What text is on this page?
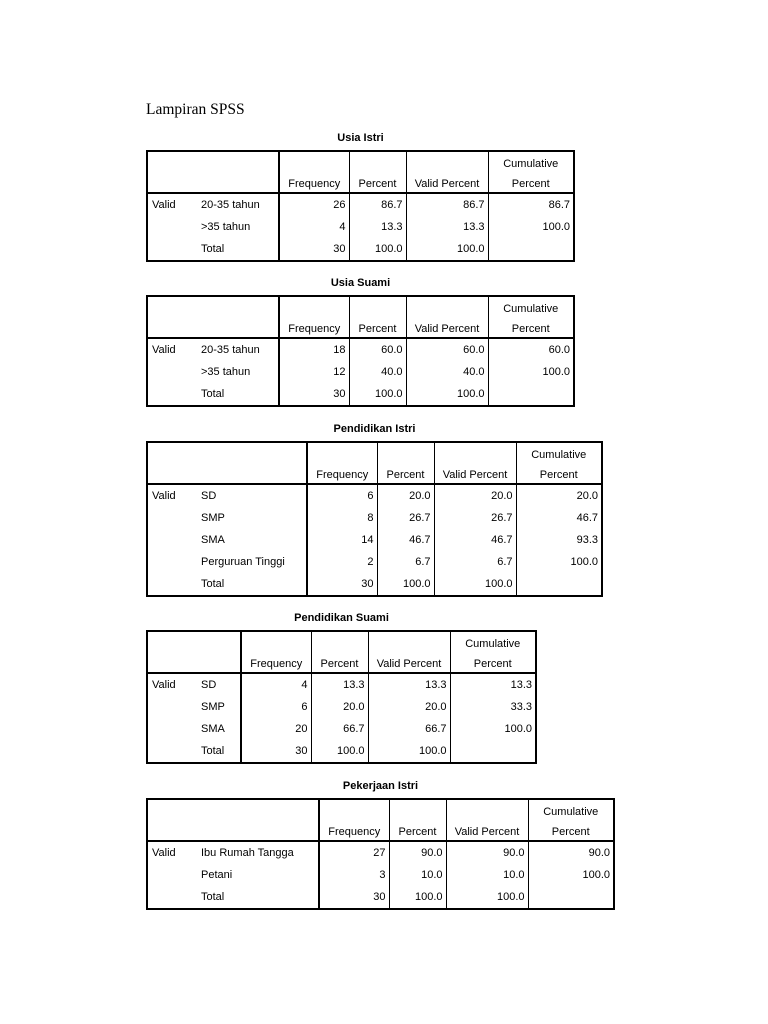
Lampiran SPSS
Usia Istri
					Cumulative
		Frequency	Percent	Valid Percent	Percent
Valid	20-35 tahun	26	86.7	86.7	86.7
	>35 tahun	4	13.3	13.3	100.0
	Total	30	100.0	100.0	
Usia Suami
					Cumulative
		Frequency	Percent	Valid Percent	Percent
Valid	20-35 tahun	18	60.0	60.0	60.0
	>35 tahun	12	40.0	40.0	100.0
	Total	30	100.0	100.0	
Pendidikan Istri
					Cumulative
		Frequency	Percent	Valid Percent	Percent
Valid	SD	6	20.0	20.0	20.0
	SMP	8	26.7	26.7	46.7
	SMA	14	46.7	46.7	93.3
	Perguruan Tinggi	2	6.7	6.7	100.0
	Total	30	100.0	100.0	
Pendidikan Suami
					Cumulative
		Frequency	Percent	Valid Percent	Percent
Valid	SD	4	13.3	13.3	13.3
	SMP	6	20.0	20.0	33.3
	SMA	20	66.7	66.7	100.0
	Total	30	100.0	100.0	
Pekerjaan Istri
					Cumulative
		Frequency	Percent	Valid Percent	Percent
Valid	Ibu Rumah Tangga	27	90.0	90.0	90.0
	Petani	3	10.0	10.0	100.0
	Total	30	100.0	100.0	
